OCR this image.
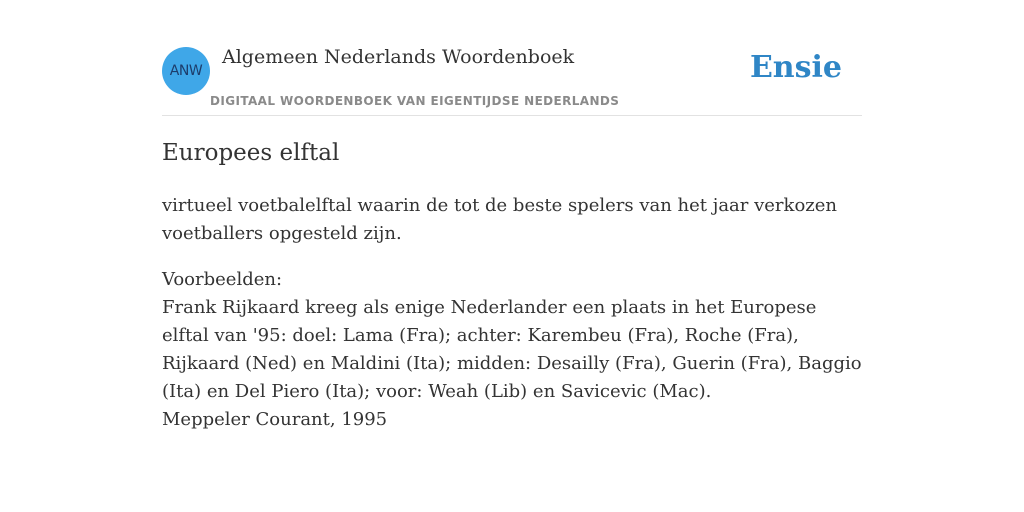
ANW
Algemeen Nederlands Woordenboek
DIGITAAL WOORDENBOEK VAN EIGENTIJDSE NEDERLANDS
Ensie
Europees elftal

virtueel voetbalelftal waarin de tot de beste spelers van het jaar verkozen voetballers opgesteld zijn.

Voorbeelden:
Frank Rijkaard kreeg als enige Nederlander een plaats in het Europese elftal van '95: doel: Lama (Fra); achter: Karembeu (Fra), Roche (Fra), Rijkaard (Ned) en Maldini (Ita); midden: Desailly (Fra), Guerin (Fra), Baggio (Ita) en Del Piero (Ita); voor: Weah (Lib) en Savicevic (Mac).
Meppeler Courant, 1995
